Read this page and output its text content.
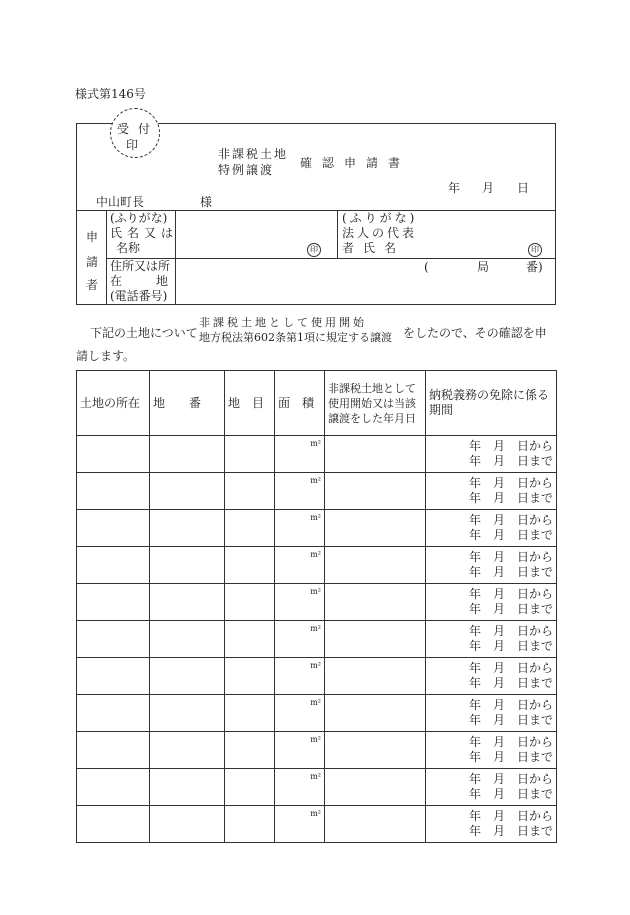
様式第146号
受 付
印
非課税土地
特例譲渡	確認申請書
年 月 日
中山町長	様
申
請
者
(ふりがな)
氏名又は
名称	印
(ふりがな)
法人の代表
者氏名	印
住所又は所
在地
(電話番号)
(	局	番)
下記の土地について
非課税土地として使用開始
地方税法第602条第1項に規定する譲渡 をしたので、その確認を申
請します。
土地の所在	地　　番	地　目	面　積	非課税土地として使用開始又は当該譲渡をした年月日	納税義務の免除に係る期間
			m²		年　月　日から
年　月　日まで

			m²		年　月　日から
年　月　日まで

			m²		年　月　日から
年　月　日まで

			m²		年　月　日から
年　月　日まで

			m²		年　月　日から
年　月　日まで

			m²		年　月　日から
年　月　日まで

			m²		年　月　日から
年　月　日まで

			m²		年　月　日から
年　月　日まで

			m²		年　月　日から
年　月　日まで

			m²		年　月　日から
年　月　日まで

			m²		年　月　日から
年　月　日まで
